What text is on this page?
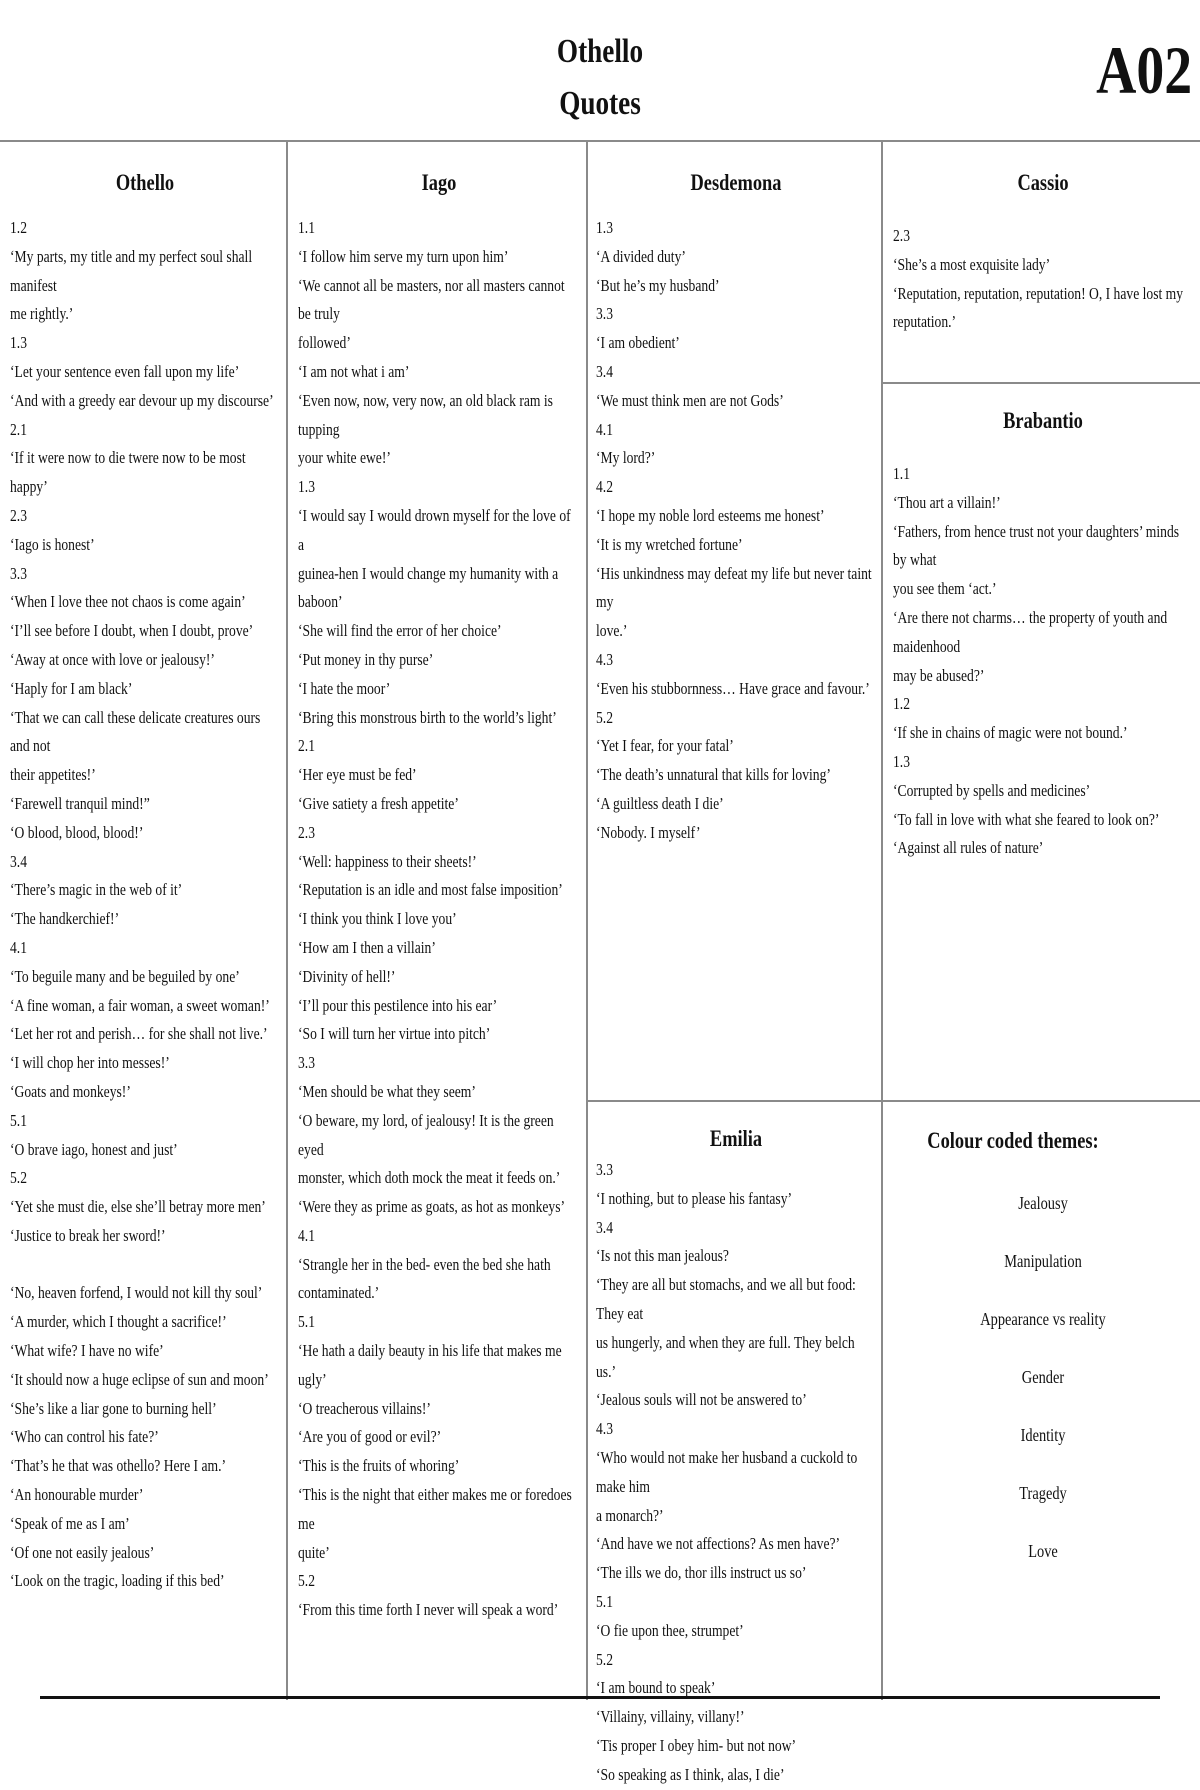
Othello
Quotes	A02
Othello
1.2
‘My parts, my title and my perfect soul shall manifest
me rightly.’
1.3
‘Let your sentence even fall upon my life’
‘And with a greedy ear devour up my discourse’
2.1
‘If it were now to die twere now to be most happy’
2.3
‘Iago is honest’
3.3
‘When I love thee not chaos is come again’
‘I’ll see before I doubt, when I doubt, prove’
‘Away at once with love or jealousy!’
‘Haply for I am black’
‘That we can call these delicate creatures ours and not
their appetites!’
‘Farewell tranquil mind!”
‘O blood, blood, blood!’
3.4
‘There’s magic in the web of it’
‘The handkerchief!’
4.1
‘To beguile many and be beguiled by one’
‘A fine woman, a fair woman, a sweet woman!’
‘Let her rot and perish… for she shall not live.’
‘I will chop her into messes!’
‘Goats and monkeys!’
5.1
‘O brave iago, honest and just’
5.2
‘Yet she must die, else she’ll betray more men’
‘Justice to break her sword!’
‘No, heaven forfend, I would not kill thy soul’
‘A murder, which I thought a sacrifice!’
‘What wife? I have no wife’
‘It should now a huge eclipse of sun and moon’
‘She’s like a liar gone to burning hell’
‘Who can control his fate?’
‘That’s he that was othello? Here I am.’
‘An honourable murder’
‘Speak of me as I am’
‘Of one not easily jealous’
‘Look on the tragic, loading if this bed’
Iago
1.1
‘I follow him serve my turn upon him’
‘We cannot all be masters, nor all masters cannot be truly
followed’
‘I am not what i am’
‘Even now, now, very now, an old black ram is tupping
your white ewe!’
1.3
‘I would say I would drown myself for the love of a
guinea-hen I would change my humanity with a baboon’
‘She will find the error of her choice’
‘Put money in thy purse’
‘I hate the moor’
‘Bring this monstrous birth to the world’s light’
2.1
‘Her eye must be fed’
‘Give satiety a fresh appetite’
2.3
‘Well: happiness to their sheets!’
‘Reputation is an idle and most false imposition’
‘I think you think I love you’
‘How am I then a villain’
‘Divinity of hell!’
‘I’ll pour this pestilence into his ear’
‘So I will turn her virtue into pitch’
3.3
‘Men should be what they seem’
‘O beware, my lord, of jealousy! It is the green eyed
monster, which doth mock the meat it feeds on.’
‘Were they as prime as goats, as hot as monkeys’
4.1
‘Strangle her in the bed- even the bed she hath
contaminated.’
5.1
‘He hath a daily beauty in his life that makes me ugly’
‘O treacherous villains!’
‘Are you of good or evil?’
‘This is the fruits of whoring’
‘This is the night that either makes me or foredoes me
quite’
5.2
‘From this time forth I never will speak a word’
Desdemona
1.3
‘A divided duty’
‘But he’s my husband’
3.3
‘I am obedient’
3.4
‘We must think men are not Gods’
4.1
‘My lord?’
4.2
‘I hope my noble lord esteems me honest’
‘It is my wretched fortune’
‘His unkindness may defeat my life but never taint my
love.’
4.3
‘Even his stubbornness… Have grace and favour.’
5.2
‘Yet I fear, for your fatal’
‘The death’s unnatural that kills for loving’
‘A guiltless death I die’
‘Nobody. I myself’
Emilia
3.3
‘I nothing, but to please his fantasy’
3.4
‘Is not this man jealous?
‘They are all but stomachs, and we all but food: They eat
us hungerly, and when they are full. They belch us.’
‘Jealous souls will not be answered to’
4.3
‘Who would not make her husband a cuckold to make him
a monarch?’
‘And have we not affections? As men have?’
‘The ills we do, thor ills instruct us so’
5.1
‘O fie upon thee, strumpet’
5.2
‘I am bound to speak’
‘Villainy, villainy, villany!’
‘Tis proper I obey him- but not now’
‘So speaking as I think, alas, I die’
Cassio
2.3
‘She’s a most exquisite lady’
‘Reputation, reputation, reputation! O, I have lost my
reputation.’
Brabantio
1.1
‘Thou art a villain!’
‘Fathers, from hence trust not your daughters’ minds by what
you see them ‘act.’
‘Are there not charms… the property of youth and maidenhood
may be abused?’
1.2
‘If she in chains of magic were not bound.’
1.3
‘Corrupted by spells and medicines’
‘To fall in love with what she feared to look on?’
‘Against all rules of nature’
Colour coded themes:
Jealousy
Manipulation
Appearance vs reality
Gender
Identity
Tragedy
Love
